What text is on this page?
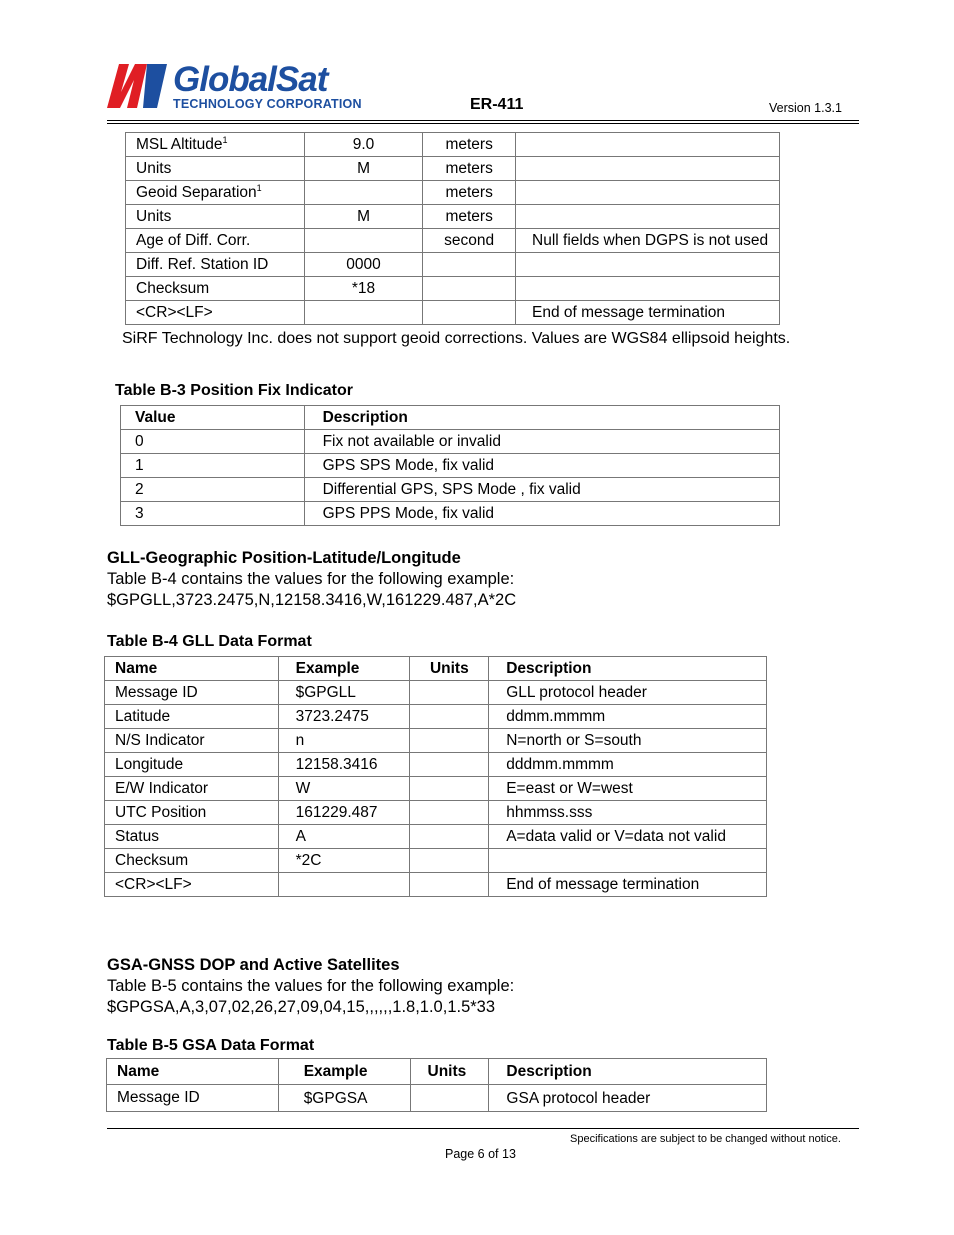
GlobalSat
TECHNOLOGY CORPORATION	ER-411	Version 1.3.1
MSL Altitude$^1$	9.0	meters	
Units	M	meters	
Geoid Separation$^1$		meters	
Units	M	meters	
Age of Diff. Corr.		second	Null fields when DGPS is not used
Diff. Ref. Station ID	0000		
Checksum	*18		
<CR><LF>			End of message termination
SiRF Technology Inc. does not support geoid corrections. Values are WGS84 ellipsoid heights.
Table B-3 Position Fix Indicator
Value	Description
0	Fix not available or invalid
1	GPS SPS Mode, fix valid
2	Differential GPS, SPS Mode , fix valid
3	GPS PPS Mode, fix valid
GLL-Geographic Position-Latitude/Longitude
Table B-4 contains the values for the following example:
$GPGLL,3723.2475,N,12158.3416,W,161229.487,A*2C
Table B-4 GLL Data Format
Name	Example	Units	Description
Message ID	$GPGLL		GLL protocol header
Latitude	3723.2475		ddmm.mmmm
N/S Indicator	n		N=north or S=south
Longitude	12158.3416		dddmm.mmmm
E/W Indicator	W		E=east or W=west
UTC Position	161229.487		hhmmss.sss
Status	A		A=data valid or V=data not valid
Checksum	*2C		
<CR><LF>			End of message termination
GSA-GNSS DOP and Active Satellites
Table B-5 contains the values for the following example:
$GPGSA,A,3,07,02,26,27,09,04,15,,,,,,1.8,1.0,1.5*33
Table B-5 GSA Data Format
Name	Example	Units	Description
Message ID	$GPGSA		GSA protocol header
Specifications are subject to be changed without notice.
Page 6 of 13
